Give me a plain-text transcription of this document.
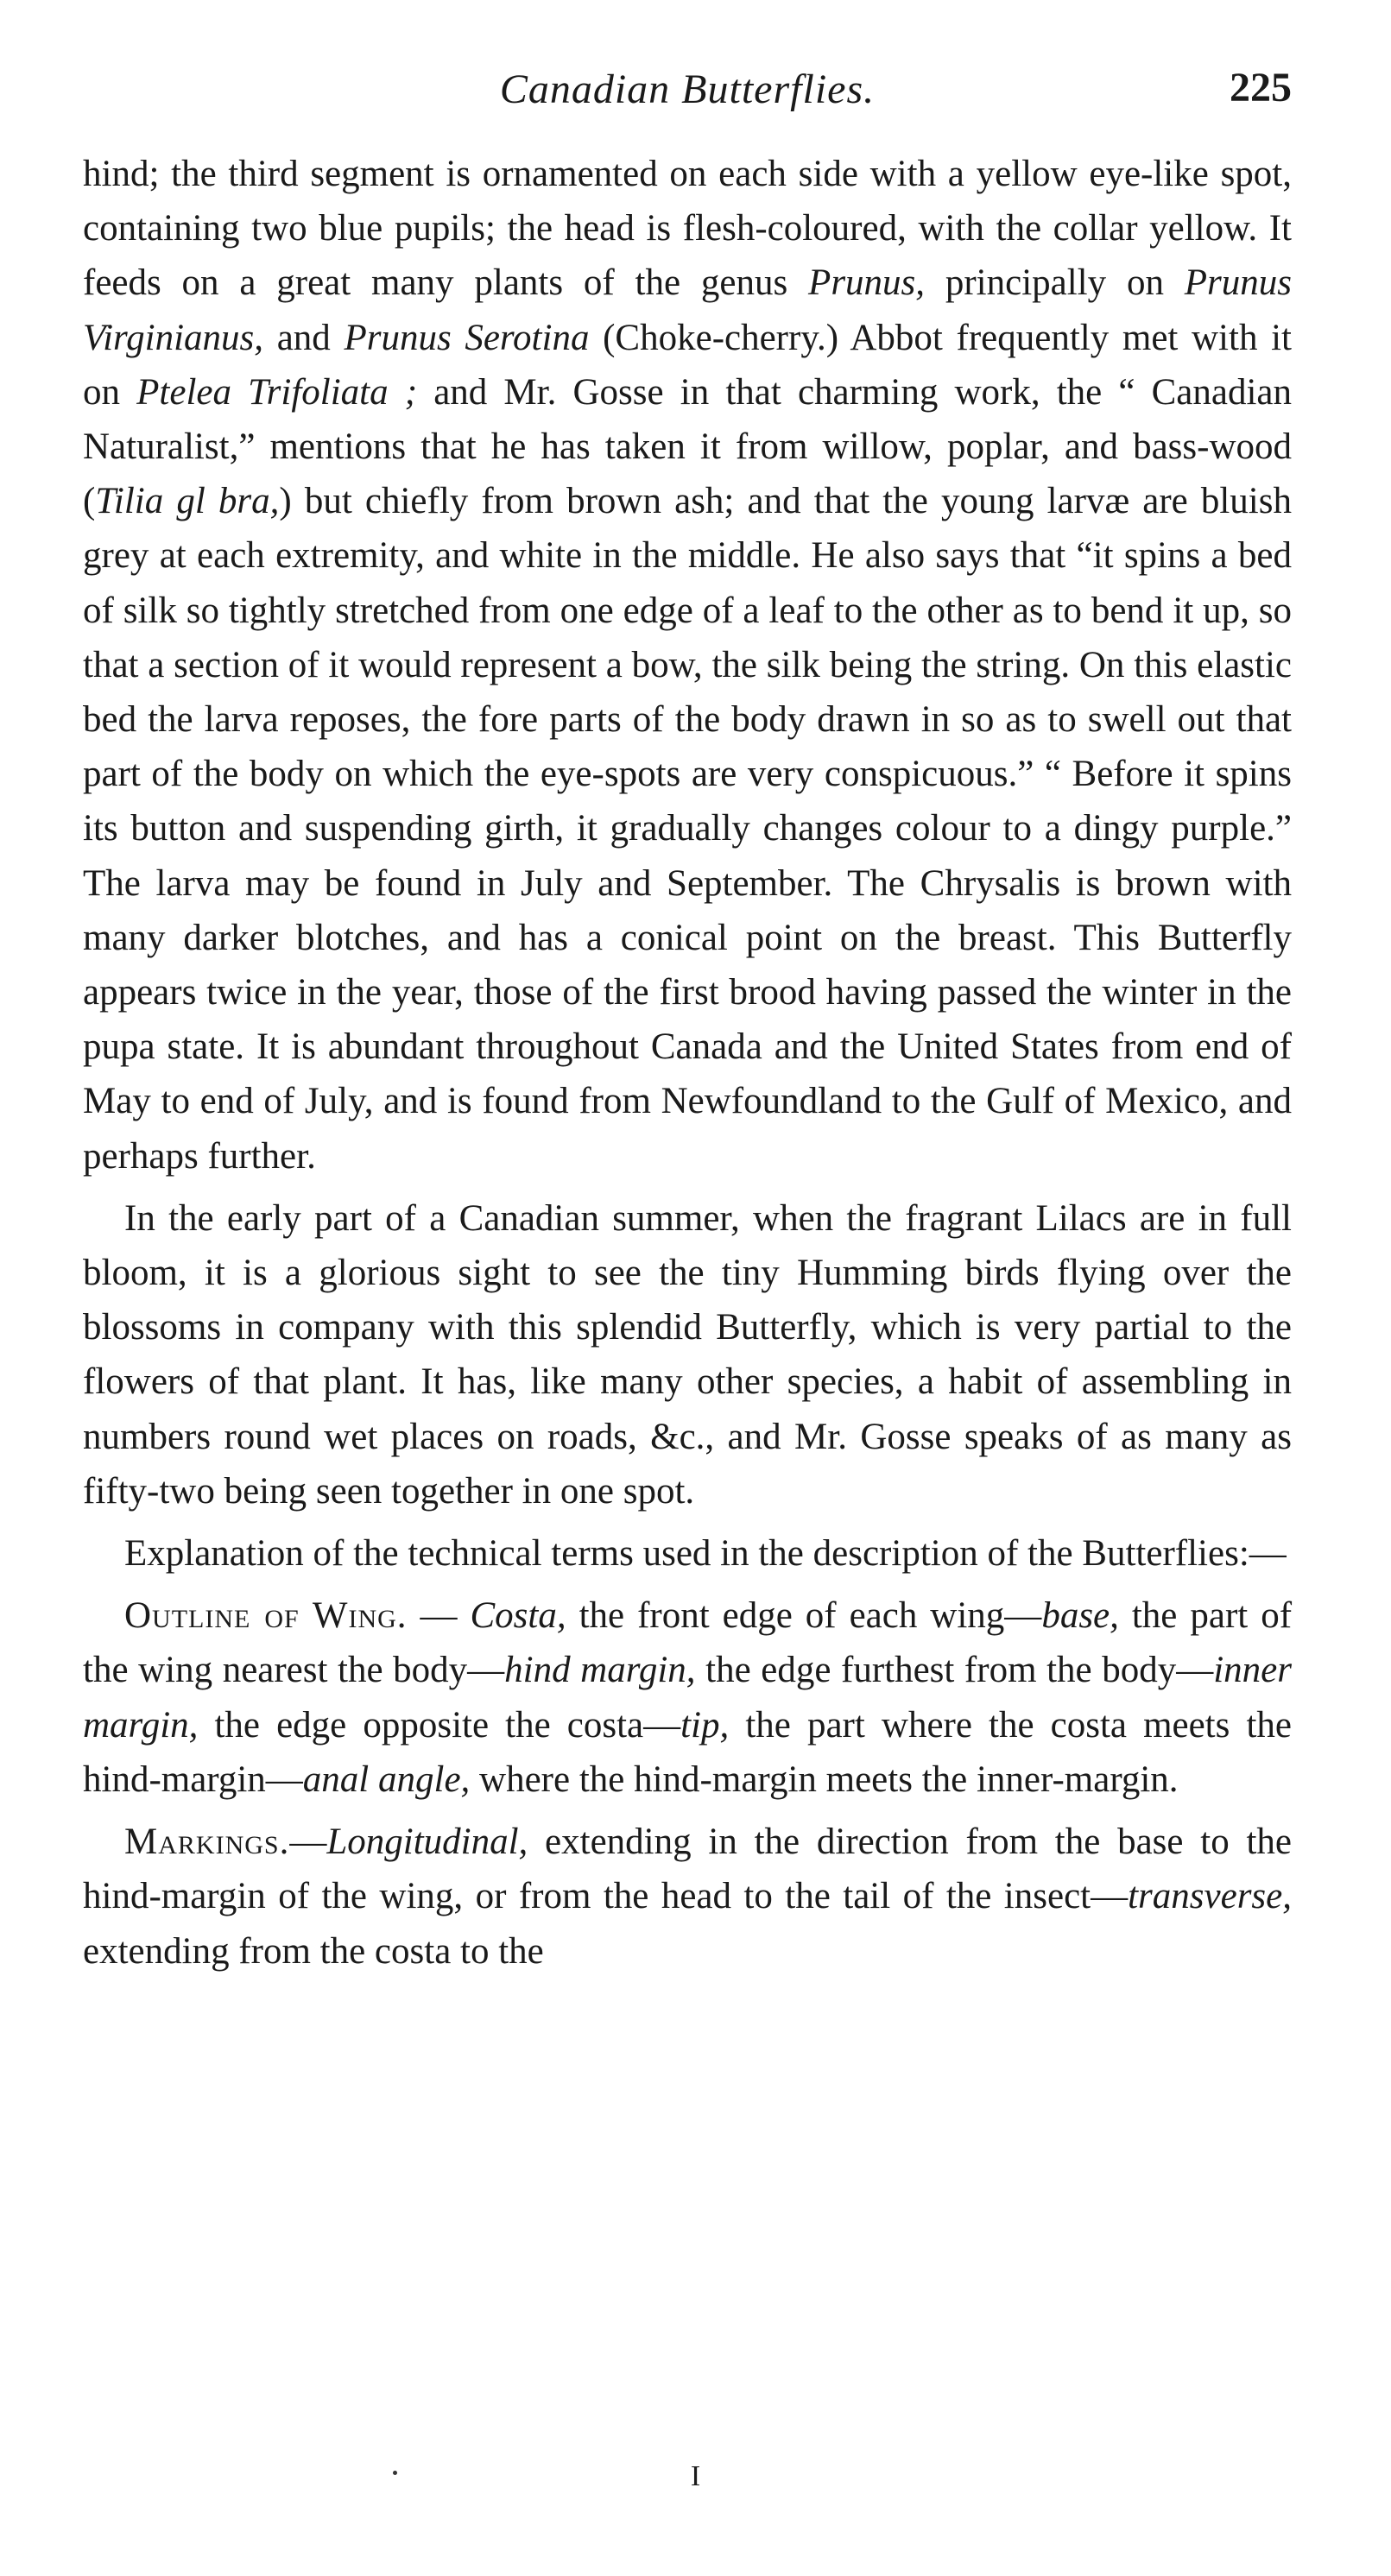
Canadian Butterflies.	225

hind; the third segment is ornamented on each side with a yellow eye-like spot, containing two blue pupils; the head is flesh-coloured, with the collar yellow. It feeds on a great many plants of the genus Prunus, principally on Prunus Virginianus, and Prunus Serotina (Choke-cherry.) Abbot frequently met with it on Ptelea Trifoliata ; and Mr. Gosse in that charming work, the “ Canadian Naturalist,” mentions that he has taken it from willow, poplar, and bass-wood (Tilia gl bra,) but chiefly from brown ash; and that the young larvæ are bluish grey at each extremity, and white in the middle. He also says that “it spins a bed of silk so tightly stretched from one edge of a leaf to the other as to bend it up, so that a section of it would represent a bow, the silk being the string. On this elastic bed the larva reposes, the fore parts of the body drawn in so as to swell out that part of the body on which the eye-spots are very conspicuous.” “ Before it spins its button and suspending girth, it gradually changes colour to a dingy purple.” The larva may be found in July and September. The Chrysalis is brown with many darker blotches, and has a conical point on the breast. This Butterfly appears twice in the year, those of the first brood having passed the winter in the pupa state. It is abundant throughout Canada and the United States from end of May to end of July, and is found from Newfoundland to the Gulf of Mexico, and perhaps further.

In the early part of a Canadian summer, when the fragrant Lilacs are in full bloom, it is a glorious sight to see the tiny Humming birds flying over the blossoms in company with this splendid Butterfly, which is very partial to the flowers of that plant. It has, like many other species, a habit of assembling in numbers round wet places on roads, &c., and Mr. Gosse speaks of as many as fifty-two being seen together in one spot.

Explanation of the technical terms used in the description of the Butterflies:—

Outline of Wing. — Costa, the front edge of each wing—base, the part of the wing nearest the body—hind margin, the edge furthest from the body—inner margin, the edge opposite the costa—tip, the part where the costa meets the hind-margin—anal angle, where the hind-margin meets the inner-margin.

Markings.—Longitudinal, extending in the direction from the base to the hind-margin of the wing, or from the head to the tail of the insect—transverse, extending from the costa to the

I
